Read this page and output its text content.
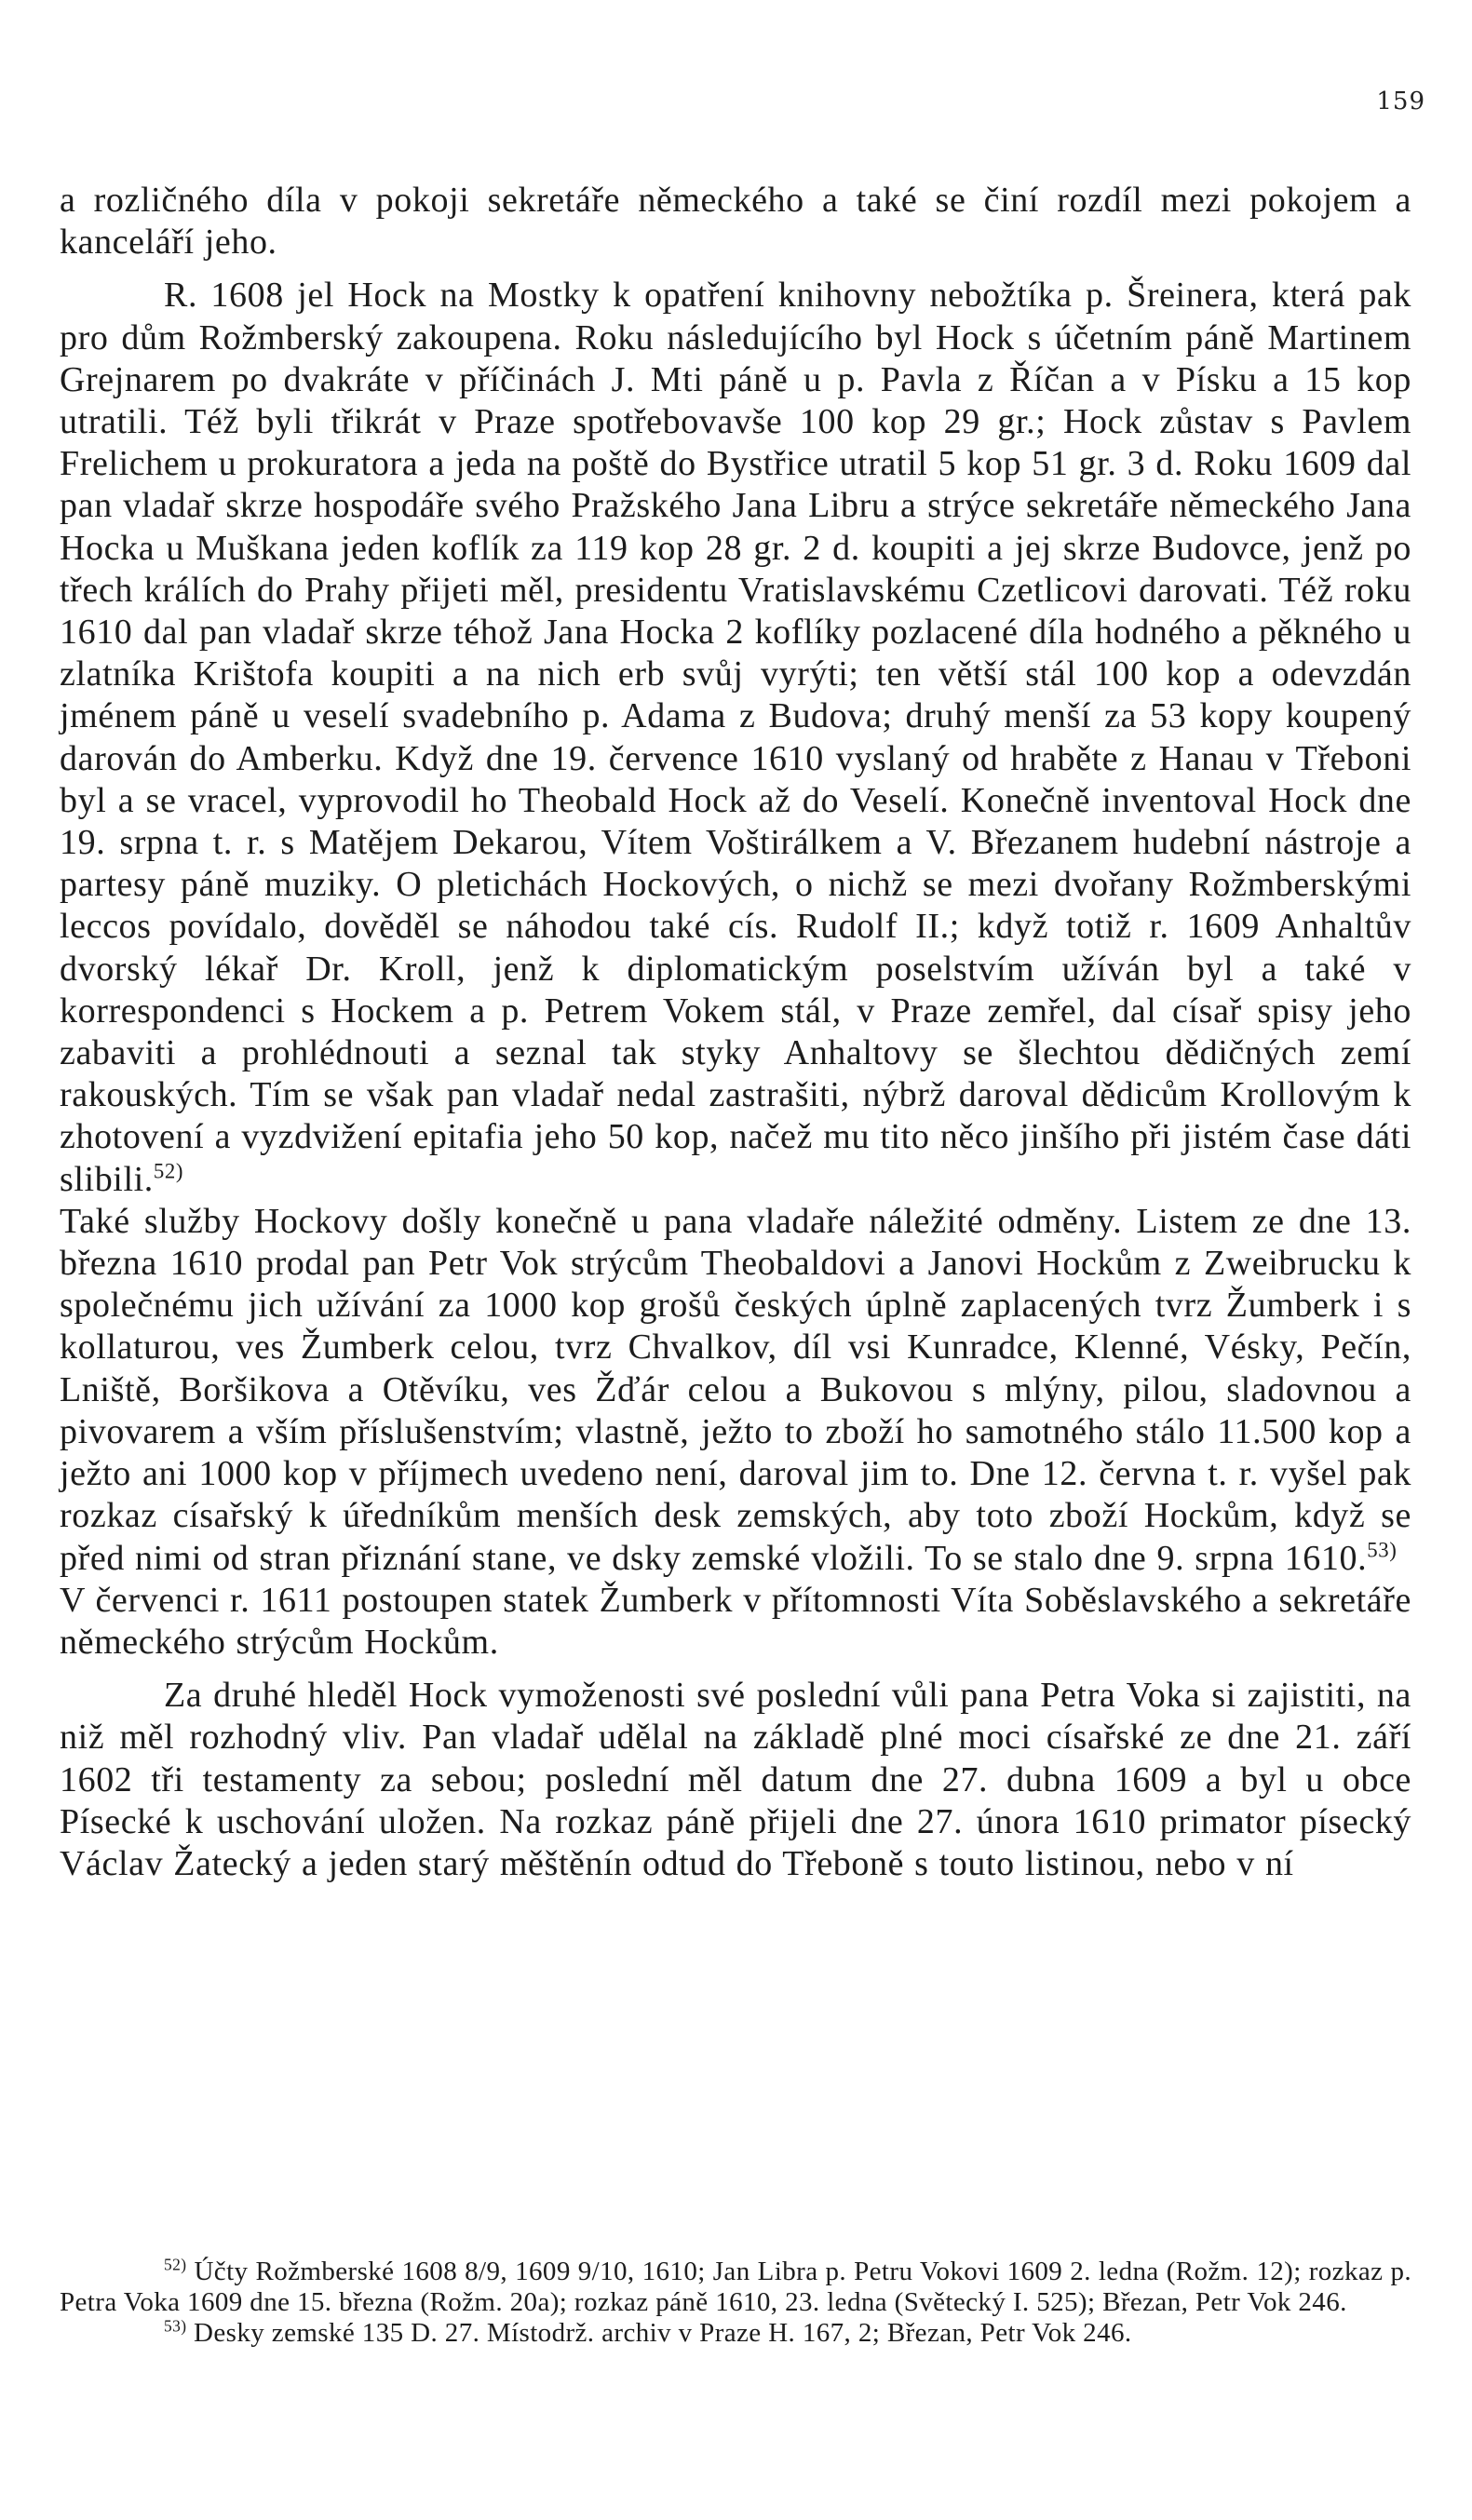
159

a rozličného díla v pokoji sekretáře německého a také se činí rozdíl mezi pokojem a kanceláří jeho.

R. 1608 jel Hock na Mostky k opatření knihovny nebožtíka p. Šreinera, která pak pro dům Rožmberský zakoupena. Roku následujícího byl Hock s účetním páně Martinem Grejnarem po dvakráte v příčinách J. Mti páně u p. Pavla z Říčan a v Písku a 15 kop utratili. Též byli třikrát v Praze spotřebovavše 100 kop 29 gr.; Hock zůstav s Pavlem Frelichem u prokuratora a jeda na poště do Bystřice utratil 5 kop 51 gr. 3 d. Roku 1609 dal pan vladař skrze hospodáře svého Pražského Jana Libru a strýce sekretáře německého Jana Hocka u Muškana jeden koflík za 119 kop 28 gr. 2 d. koupiti a jej skrze Budovce, jenž po třech králích do Prahy přijeti měl, presidentu Vratislavskému Czetlicovi darovati. Též roku 1610 dal pan vladař skrze téhož Jana Hocka 2 koflíky pozlacené díla hodného a pěkného u zlatníka Krištofa koupiti a na nich erb svůj vyrýti; ten větší stál 100 kop a odevzdán jménem páně u veselí svadebního p. Adama z Budova; druhý menší za 53 kopy koupený darován do Amberku. Když dne 19. července 1610 vyslaný od hraběte z Hanau v Třeboni byl a se vracel, vyprovodil ho Theobald Hock až do Veselí. Konečně inventoval Hock dne 19. srpna t. r. s Matějem Dekarou, Vítem Voštirálkem a V. Březanem hudební nástroje a partesy páně muziky. O pletichách Hockových, o nichž se mezi dvořany Rožmberskými leccos povídalo, dověděl se náhodou také cís. Rudolf II.; když totiž r. 1609 Anhaltův dvorský lékař Dr. Kroll, jenž k diplomatickým poselstvím užíván byl a také v korrespondenci s Hockem a p. Petrem Vokem stál, v Praze zemřel, dal císař spisy jeho zabaviti a prohlédnouti a seznal tak styky Anhaltovy se šlechtou dědičných zemí rakouských. Tím se však pan vladař nedal zastrašiti, nýbrž daroval dědicům Krollovým k zhotovení a vyzdvižení epitafia jeho 50 kop, načež mu tito něco jinšího při jistém čase dáti slibili.$^{52)}$

Také služby Hockovy došly konečně u pana vladaře náležité odměny. Listem ze dne 13. března 1610 prodal pan Petr Vok strýcům Theobaldovi a Janovi Hockům z Zweibrucku k společnému jich užívání za 1000 kop grošů českých úplně zaplacených tvrz Žumberk i s kollaturou, ves Žumberk celou, tvrz Chvalkov, díl vsi Kunradce, Klenné, Vésky, Pečín, Lniště, Boršikova a Otěvíku, ves Žďár celou a Bukovou s mlýny, pilou, sladovnou a pivovarem a vším příslušenstvím; vlastně, ježto to zboží ho samotného stálo 11.500 kop a ježto ani 1000 kop v příjmech uvedeno není, daroval jim to. Dne 12. června t. r. vyšel pak rozkaz císařský k úředníkům menších desk zemských, aby toto zboží Hockům, když se před nimi od stran přiznání stane, ve dsky zemské vložili. To se stalo dne 9. srpna 1610.$^{53)}$

V červenci r. 1611 postoupen statek Žumberk v přítomnosti Víta Soběslavského a sekretáře německého strýcům Hockům.

Za druhé hleděl Hock vymoženosti své poslední vůli pana Petra Voka si zajistiti, na niž měl rozhodný vliv. Pan vladař udělal na základě plné moci císařské ze dne 21. září 1602 tři testamenty za sebou; poslední měl datum dne 27. dubna 1609 a byl u obce Písecké k uschování uložen. Na rozkaz páně přijeli dne 27. února 1610 primator písecký Václav Žatecký a jeden starý měštěnín odtud do Třeboně s touto listinou, nebo v ní

$^{52)}$ Účty Rožmberské 1608 8/9, 1609 9/10, 1610; Jan Libra p. Petru Vokovi 1609 2. ledna (Rožm. 12); rozkaz p. Petra Voka 1609 dne 15. března (Rožm. 20a); rozkaz páně 1610, 23. ledna (Světecký I. 525); Březan, Petr Vok 246.

$^{53)}$ Desky zemské 135 D. 27. Místodrž. archiv v Praze H. 167, 2; Březan, Petr Vok 246.
